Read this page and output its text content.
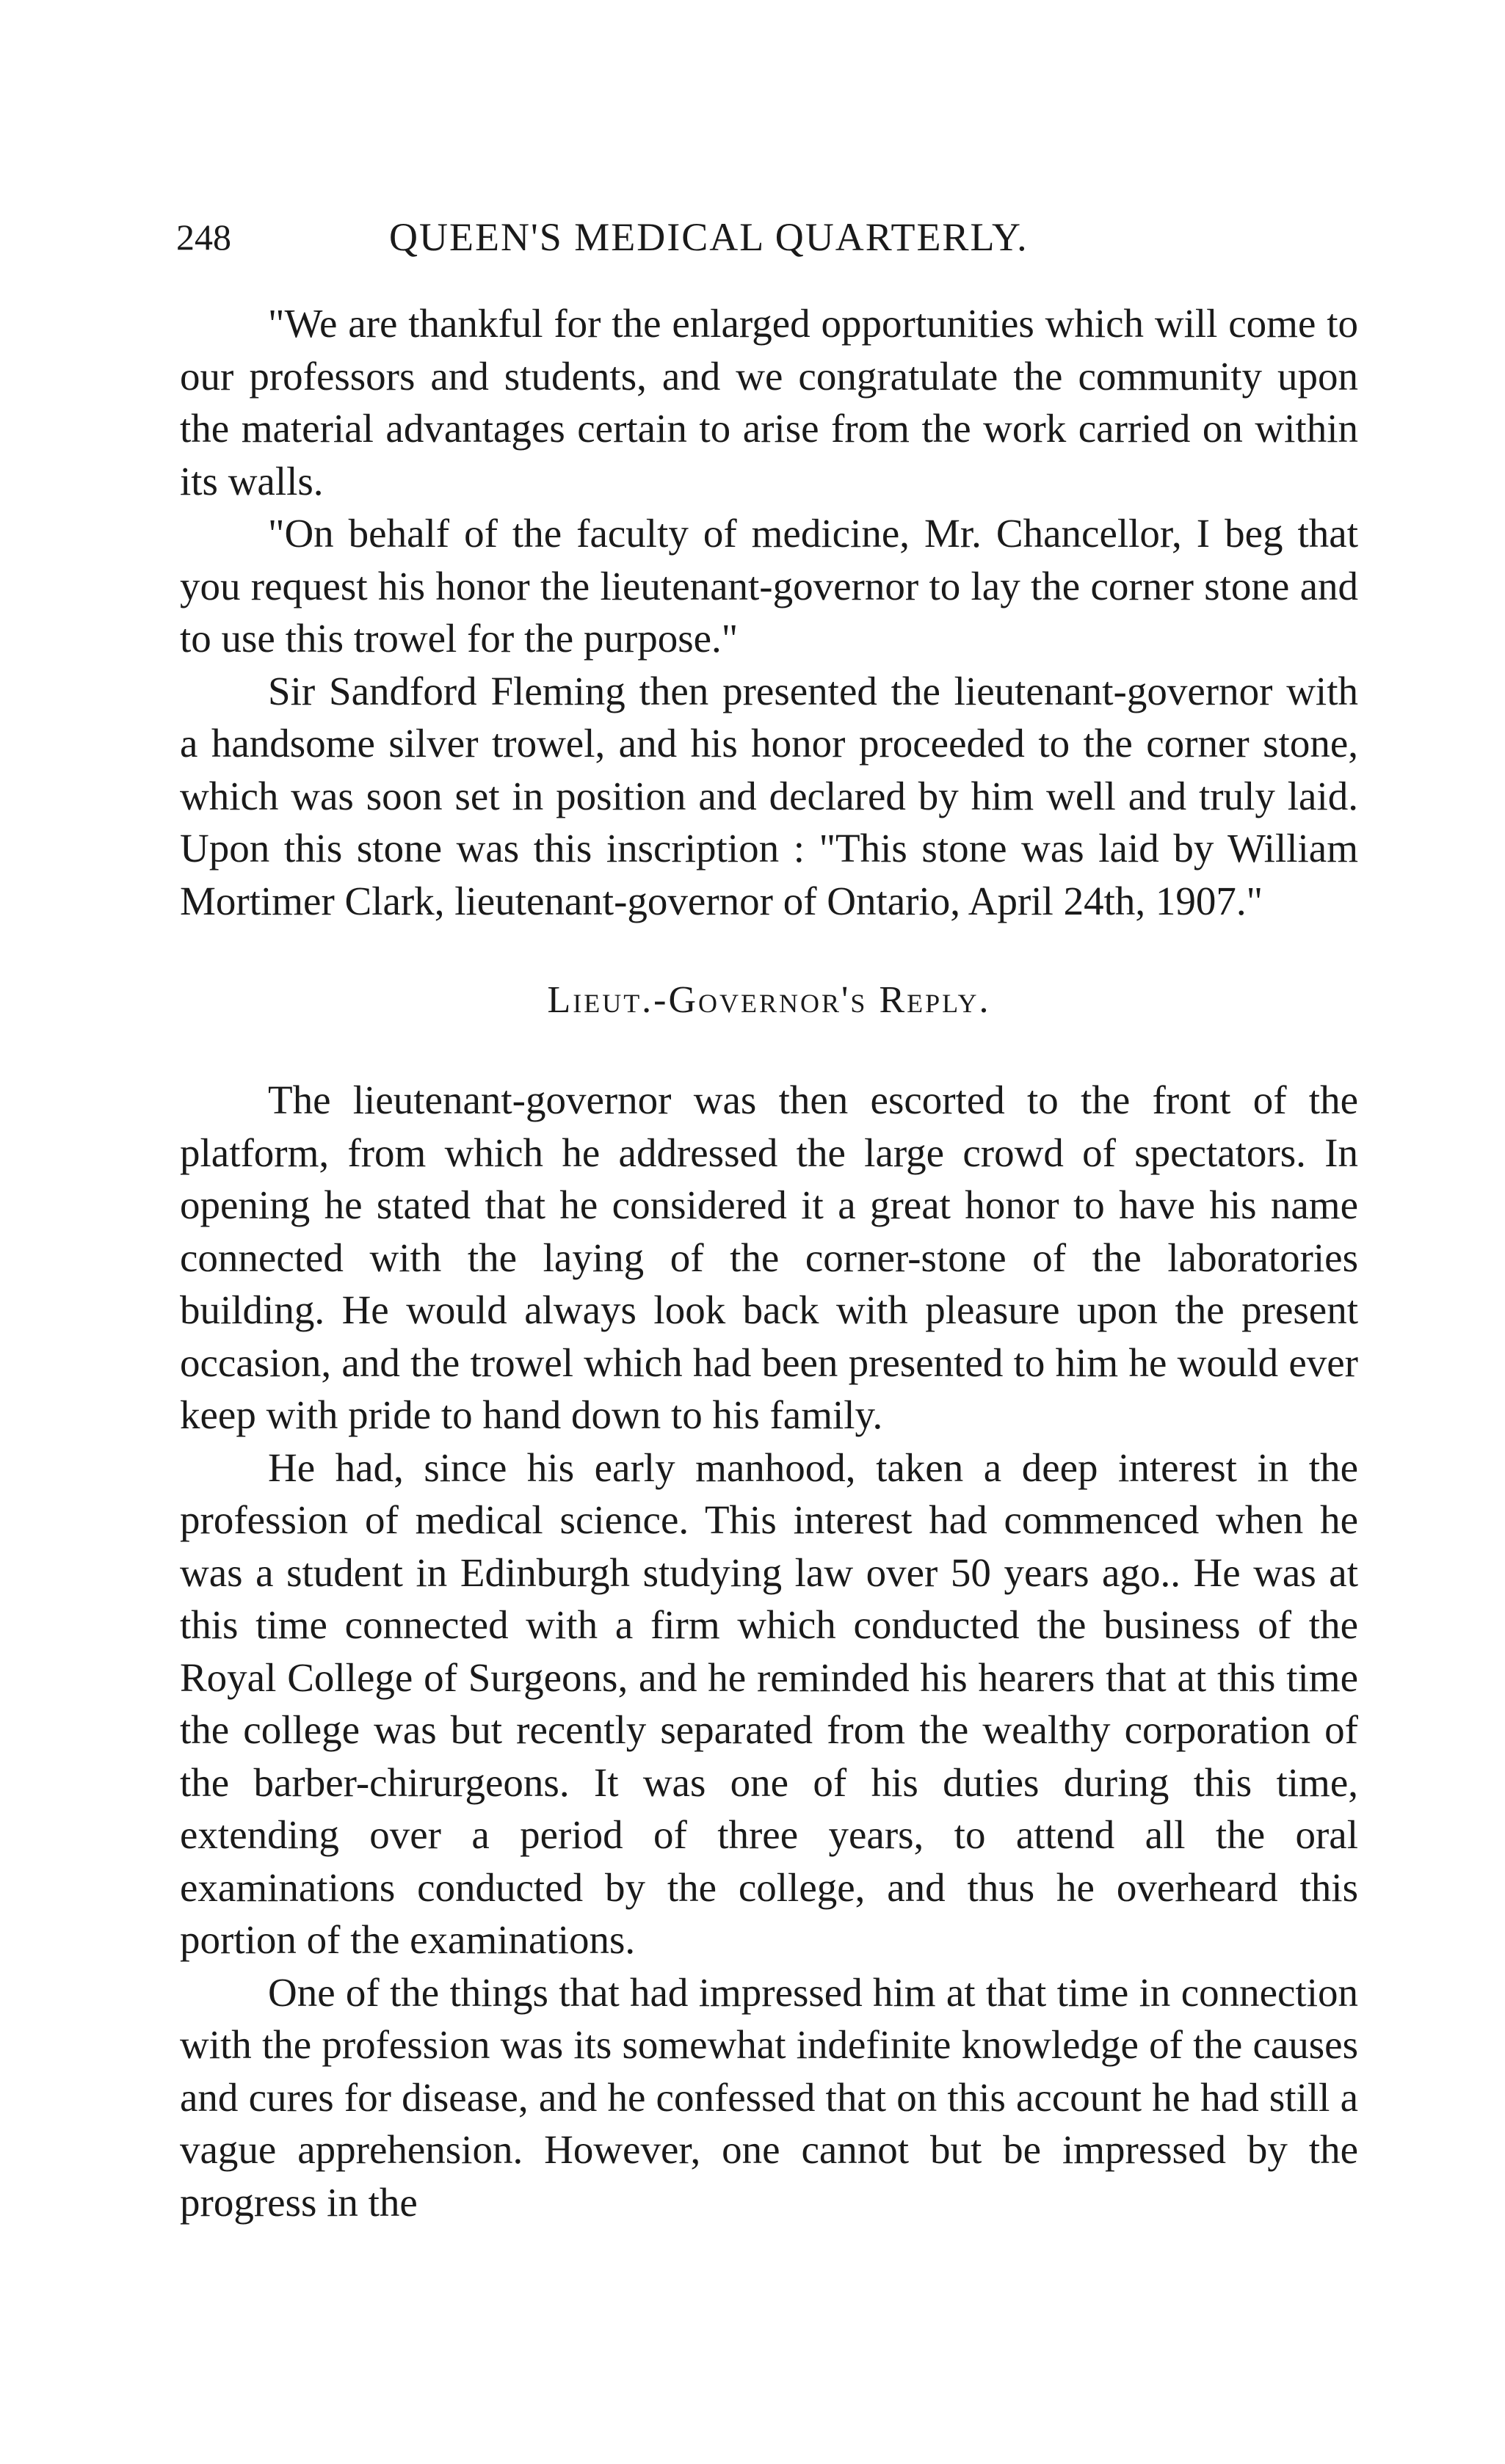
248	QUEEN'S MEDICAL QUARTERLY.

"We are thankful for the enlarged opportunities which will come to our professors and students, and we congratulate the community upon the material advantages certain to arise from the work carried on within its walls.

"On behalf of the faculty of medicine, Mr. Chancellor, I beg that you request his honor the lieutenant-governor to lay the corner stone and to use this trowel for the purpose."

Sir Sandford Fleming then presented the lieutenant-governor with a handsome silver trowel, and his honor proceeded to the corner stone, which was soon set in position and declared by him well and truly laid. Upon this stone was this inscription : "This stone was laid by William Mortimer Clark, lieutenant-governor of Ontario, April 24th, 1907."

Lieut.-Governor's Reply.

The lieutenant-governor was then escorted to the front of the platform, from which he addressed the large crowd of spectators. In opening he stated that he considered it a great honor to have his name connected with the laying of the corner-stone of the laboratories building. He would always look back with pleasure upon the present occasion, and the trowel which had been presented to him he would ever keep with pride to hand down to his family.

He had, since his early manhood, taken a deep interest in the profession of medical science. This interest had commenced when he was a student in Edinburgh studying law over 50 years ago.. He was at this time connected with a firm which conducted the business of the Royal College of Surgeons, and he reminded his hearers that at this time the college was but recently separated from the wealthy corporation of the barber-chirurgeons. It was one of his duties during this time, extending over a period of three years, to attend all the oral examinations conducted by the college, and thus he overheard this portion of the examinations.

One of the things that had impressed him at that time in connection with the profession was its somewhat indefinite knowledge of the causes and cures for disease, and he confessed that on this account he had still a vague apprehension. However, one cannot but be impressed by the progress in the
